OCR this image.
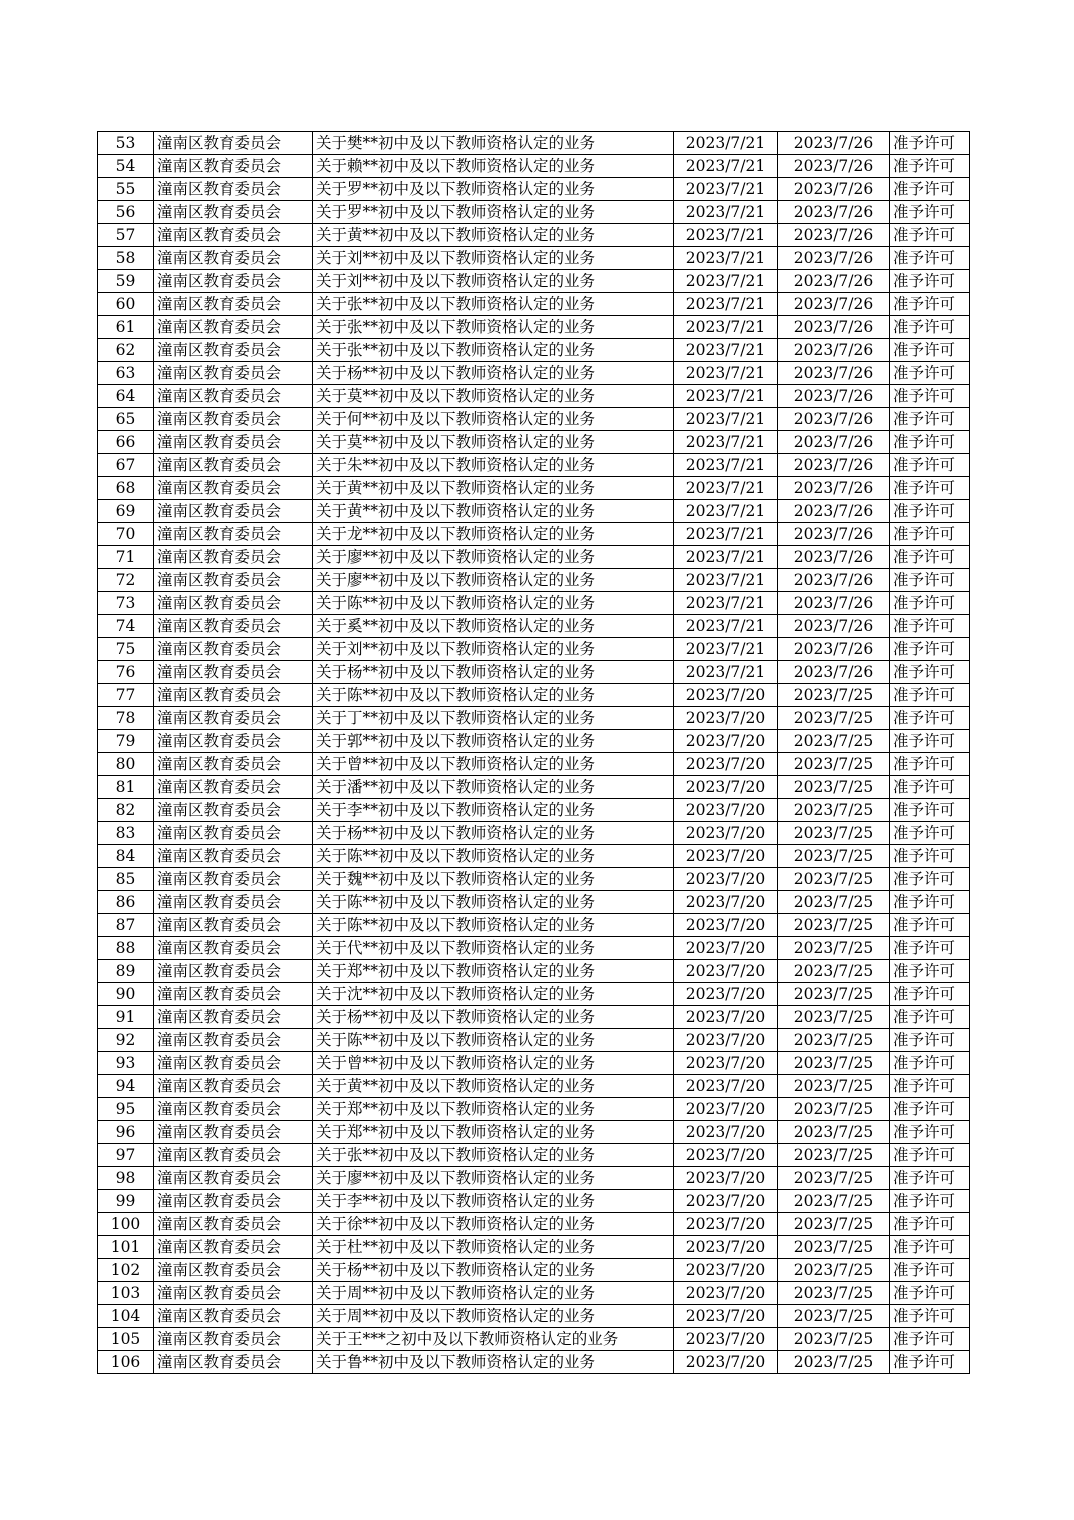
53	潼南区教育委员会	关于樊**初中及以下教师资格认定的业务	2023/7/21	2023/7/26	准予许可
54	潼南区教育委员会	关于赖**初中及以下教师资格认定的业务	2023/7/21	2023/7/26	准予许可
55	潼南区教育委员会	关于罗**初中及以下教师资格认定的业务	2023/7/21	2023/7/26	准予许可
56	潼南区教育委员会	关于罗**初中及以下教师资格认定的业务	2023/7/21	2023/7/26	准予许可
57	潼南区教育委员会	关于黄**初中及以下教师资格认定的业务	2023/7/21	2023/7/26	准予许可
58	潼南区教育委员会	关于刘**初中及以下教师资格认定的业务	2023/7/21	2023/7/26	准予许可
59	潼南区教育委员会	关于刘**初中及以下教师资格认定的业务	2023/7/21	2023/7/26	准予许可
60	潼南区教育委员会	关于张**初中及以下教师资格认定的业务	2023/7/21	2023/7/26	准予许可
61	潼南区教育委员会	关于张**初中及以下教师资格认定的业务	2023/7/21	2023/7/26	准予许可
62	潼南区教育委员会	关于张**初中及以下教师资格认定的业务	2023/7/21	2023/7/26	准予许可
63	潼南区教育委员会	关于杨**初中及以下教师资格认定的业务	2023/7/21	2023/7/26	准予许可
64	潼南区教育委员会	关于莫**初中及以下教师资格认定的业务	2023/7/21	2023/7/26	准予许可
65	潼南区教育委员会	关于何**初中及以下教师资格认定的业务	2023/7/21	2023/7/26	准予许可
66	潼南区教育委员会	关于莫**初中及以下教师资格认定的业务	2023/7/21	2023/7/26	准予许可
67	潼南区教育委员会	关于朱**初中及以下教师资格认定的业务	2023/7/21	2023/7/26	准予许可
68	潼南区教育委员会	关于黄**初中及以下教师资格认定的业务	2023/7/21	2023/7/26	准予许可
69	潼南区教育委员会	关于黄**初中及以下教师资格认定的业务	2023/7/21	2023/7/26	准予许可
70	潼南区教育委员会	关于龙**初中及以下教师资格认定的业务	2023/7/21	2023/7/26	准予许可
71	潼南区教育委员会	关于廖**初中及以下教师资格认定的业务	2023/7/21	2023/7/26	准予许可
72	潼南区教育委员会	关于廖**初中及以下教师资格认定的业务	2023/7/21	2023/7/26	准予许可
73	潼南区教育委员会	关于陈**初中及以下教师资格认定的业务	2023/7/21	2023/7/26	准予许可
74	潼南区教育委员会	关于奚**初中及以下教师资格认定的业务	2023/7/21	2023/7/26	准予许可
75	潼南区教育委员会	关于刘**初中及以下教师资格认定的业务	2023/7/21	2023/7/26	准予许可
76	潼南区教育委员会	关于杨**初中及以下教师资格认定的业务	2023/7/21	2023/7/26	准予许可
77	潼南区教育委员会	关于陈**初中及以下教师资格认定的业务	2023/7/20	2023/7/25	准予许可
78	潼南区教育委员会	关于丁**初中及以下教师资格认定的业务	2023/7/20	2023/7/25	准予许可
79	潼南区教育委员会	关于郭**初中及以下教师资格认定的业务	2023/7/20	2023/7/25	准予许可
80	潼南区教育委员会	关于曾**初中及以下教师资格认定的业务	2023/7/20	2023/7/25	准予许可
81	潼南区教育委员会	关于潘**初中及以下教师资格认定的业务	2023/7/20	2023/7/25	准予许可
82	潼南区教育委员会	关于李**初中及以下教师资格认定的业务	2023/7/20	2023/7/25	准予许可
83	潼南区教育委员会	关于杨**初中及以下教师资格认定的业务	2023/7/20	2023/7/25	准予许可
84	潼南区教育委员会	关于陈**初中及以下教师资格认定的业务	2023/7/20	2023/7/25	准予许可
85	潼南区教育委员会	关于魏**初中及以下教师资格认定的业务	2023/7/20	2023/7/25	准予许可
86	潼南区教育委员会	关于陈**初中及以下教师资格认定的业务	2023/7/20	2023/7/25	准予许可
87	潼南区教育委员会	关于陈**初中及以下教师资格认定的业务	2023/7/20	2023/7/25	准予许可
88	潼南区教育委员会	关于代**初中及以下教师资格认定的业务	2023/7/20	2023/7/25	准予许可
89	潼南区教育委员会	关于郑**初中及以下教师资格认定的业务	2023/7/20	2023/7/25	准予许可
90	潼南区教育委员会	关于沈**初中及以下教师资格认定的业务	2023/7/20	2023/7/25	准予许可
91	潼南区教育委员会	关于杨**初中及以下教师资格认定的业务	2023/7/20	2023/7/25	准予许可
92	潼南区教育委员会	关于陈**初中及以下教师资格认定的业务	2023/7/20	2023/7/25	准予许可
93	潼南区教育委员会	关于曾**初中及以下教师资格认定的业务	2023/7/20	2023/7/25	准予许可
94	潼南区教育委员会	关于黄**初中及以下教师资格认定的业务	2023/7/20	2023/7/25	准予许可
95	潼南区教育委员会	关于郑**初中及以下教师资格认定的业务	2023/7/20	2023/7/25	准予许可
96	潼南区教育委员会	关于郑**初中及以下教师资格认定的业务	2023/7/20	2023/7/25	准予许可
97	潼南区教育委员会	关于张**初中及以下教师资格认定的业务	2023/7/20	2023/7/25	准予许可
98	潼南区教育委员会	关于廖**初中及以下教师资格认定的业务	2023/7/20	2023/7/25	准予许可
99	潼南区教育委员会	关于李**初中及以下教师资格认定的业务	2023/7/20	2023/7/25	准予许可
100	潼南区教育委员会	关于徐**初中及以下教师资格认定的业务	2023/7/20	2023/7/25	准予许可
101	潼南区教育委员会	关于杜**初中及以下教师资格认定的业务	2023/7/20	2023/7/25	准予许可
102	潼南区教育委员会	关于杨**初中及以下教师资格认定的业务	2023/7/20	2023/7/25	准予许可
103	潼南区教育委员会	关于周**初中及以下教师资格认定的业务	2023/7/20	2023/7/25	准予许可
104	潼南区教育委员会	关于周**初中及以下教师资格认定的业务	2023/7/20	2023/7/25	准予许可
105	潼南区教育委员会	关于王***之初中及以下教师资格认定的业务	2023/7/20	2023/7/25	准予许可
106	潼南区教育委员会	关于鲁**初中及以下教师资格认定的业务	2023/7/20	2023/7/25	准予许可
